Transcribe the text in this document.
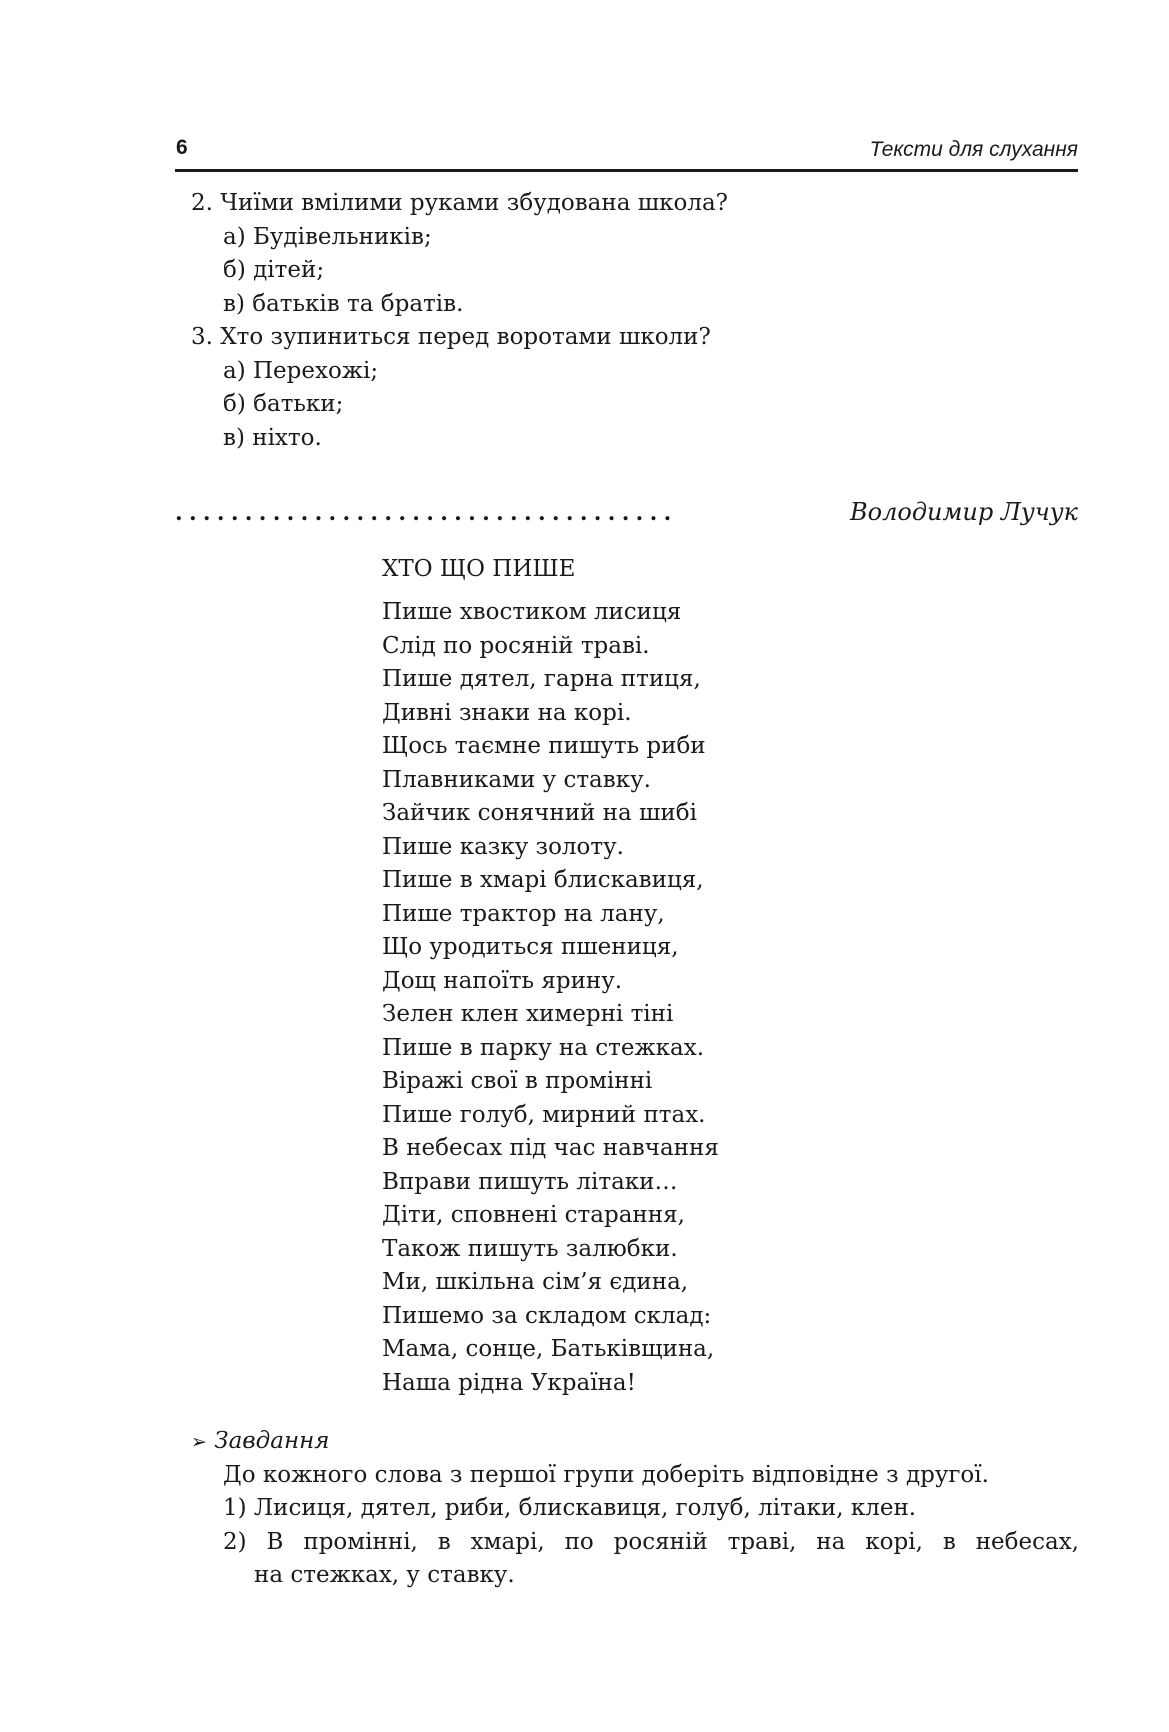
6	Тексти для слухання
2. Чиїми вмілими руками збудована школа?
а) Будівельників;
б) дітей;
в) батьків та братів.
3. Хто зупиниться перед воротами школи?
а) Перехожі;
б) батьки;
в) ніхто.
....................................	Володимир Лучук
ХТО ЩО ПИШЕ
Пише хвостиком лисиця
Слід по росяній траві.
Пише дятел, гарна птиця,
Дивні знаки на корі.
Щось таємне пишуть риби
Плавниками у ставку.
Зайчик сонячний на шибі
Пише казку золоту.
Пише в хмарі блискавиця,
Пише трактор на лану,
Що уродиться пшениця,
Дощ напоїть ярину.
Зелен клен химерні тіні
Пише в парку на стежках.
Віражі свої в промінні
Пише голуб, мирний птах.
В небесах під час навчання
Вправи пишуть літаки…
Діти, сповнені старання,
Також пишуть залюбки.
Ми, шкільна сім’я єдина,
Пишемо за складом склад:
Мама, сонце, Батьківщина,
Наша рідна Україна!
➢ Завдання
До кожного слова з першої групи доберіть відповідне з другої.
1) Лисиця, дятел, риби, блискавиця, голуб, літаки, клен.
2) В промінні, в хмарі, по росяній траві, на корі, в небесах,
на стежках, у ставку.
